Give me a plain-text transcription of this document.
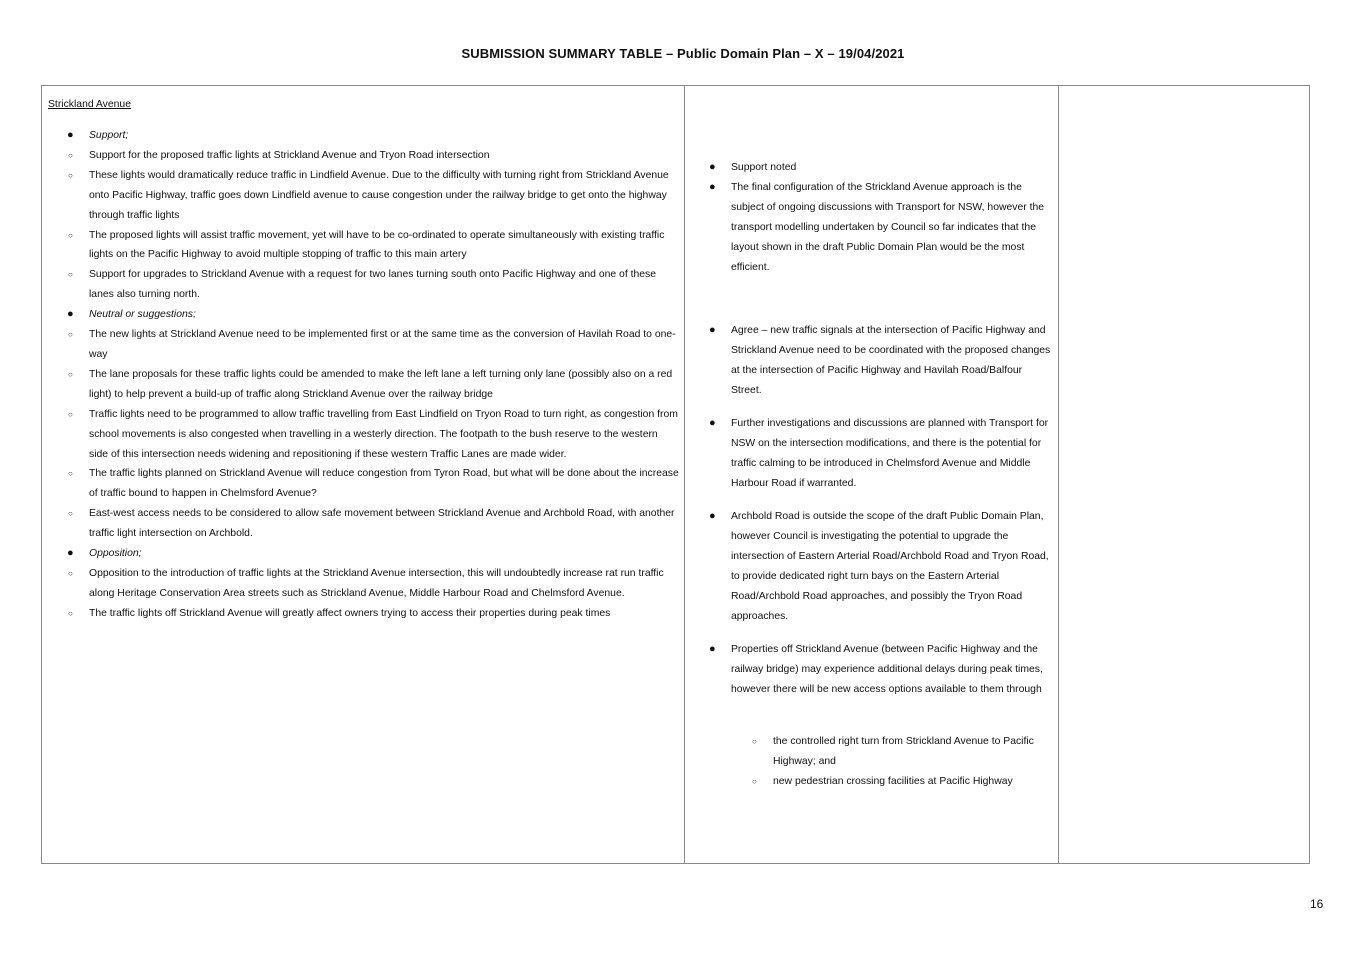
SUBMISSION SUMMARY TABLE – Public Domain Plan – X – 19/04/2021
Strickland Avenue
● Support;
○ Support for the proposed traffic lights at Strickland Avenue and Tryon Road intersection
○ These lights would dramatically reduce traffic in Lindfield Avenue. Due to the difficulty with turning right from Strickland Avenue onto Pacific Highway, traffic goes down Lindfield avenue to cause congestion under the railway bridge to get onto the highway through traffic lights
○ The proposed lights will assist traffic movement, yet will have to be co-ordinated to operate simultaneously with existing traffic lights on the Pacific Highway to avoid multiple stopping of traffic to this main artery
○ Support for upgrades to Strickland Avenue with a request for two lanes turning south onto Pacific Highway and one of these lanes also turning north.
● Neutral or suggestions;
○ The new lights at Strickland Avenue need to be implemented first or at the same time as the conversion of Havilah Road to one-way
○ The lane proposals for these traffic lights could be amended to make the left lane a left turning only lane (possibly also on a red light) to help prevent a build-up of traffic along Strickland Avenue over the railway bridge
○ Traffic lights need to be programmed to allow traffic travelling from East Lindfield on Tryon Road to turn right, as congestion from school movements is also congested when travelling in a westerly direction. The footpath to the bush reserve to the western side of this intersection needs widening and repositioning if these western Traffic Lanes are made wider.
○ The traffic lights planned on Strickland Avenue will reduce congestion from Tyron Road, but what will be done about the increase of traffic bound to happen in Chelmsford Avenue?
○ East-west access needs to be considered to allow safe movement between Strickland Avenue and Archbold Road, with another traffic light intersection on Archbold.
● Opposition;
○ Opposition to the introduction of traffic lights at the Strickland Avenue intersection, this will undoubtedly increase rat run traffic along Heritage Conservation Area streets such as Strickland Avenue, Middle Harbour Road and Chelmsford Avenue.
○ The traffic lights off Strickland Avenue will greatly affect owners trying to access their properties during peak times
● Support noted
● The final configuration of the Strickland Avenue approach is the subject of ongoing discussions with Transport for NSW, however the transport modelling undertaken by Council so far indicates that the layout shown in the draft Public Domain Plan would be the most efficient.
● Agree – new traffic signals at the intersection of Pacific Highway and Strickland Avenue need to be coordinated with the proposed changes at the intersection of Pacific Highway and Havilah Road/Balfour Street.
● Further investigations and discussions are planned with Transport for NSW on the intersection modifications, and there is the potential for traffic calming to be introduced in Chelmsford Avenue and Middle Harbour Road if warranted.
● Archbold Road is outside the scope of the draft Public Domain Plan, however Council is investigating the potential to upgrade the intersection of Eastern Arterial Road/Archbold Road and Tryon Road, to provide dedicated right turn bays on the Eastern Arterial Road/Archbold Road approaches, and possibly the Tryon Road approaches.
● Properties off Strickland Avenue (between Pacific Highway and the railway bridge) may experience additional delays during peak times, however there will be new access options available to them through
○ the controlled right turn from Strickland Avenue to Pacific Highway; and
○ new pedestrian crossing facilities at Pacific Highway
16
